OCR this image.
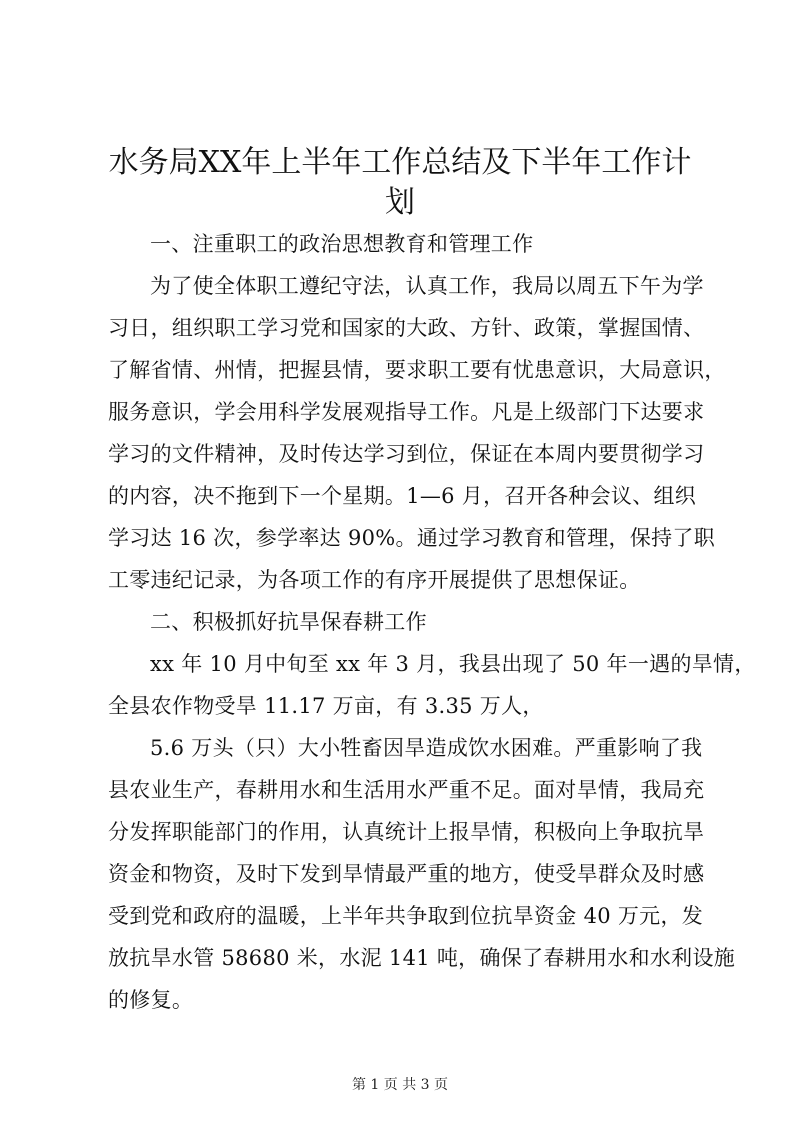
水务局XX年上半年工作总结及下半年工作计
划
一、注重职工的政治思想教育和管理工作
为了使全体职工遵纪守法，认真工作，我局以周五下午为学
习日，组织职工学习党和国家的大政、方针、政策，掌握国情、
了解省情、州情，把握县情，要求职工要有忧患意识，大局意识，
服务意识，学会用科学发展观指导工作。凡是上级部门下达要求
学习的文件精神，及时传达学习到位，保证在本周内要贯彻学习
的内容，决不拖到下一个星期。1—6 月，召开各种会议、组织
学习达 16 次，参学率达 90%。通过学习教育和管理，保持了职
工零违纪记录，为各项工作的有序开展提供了思想保证。
二、积极抓好抗旱保春耕工作
xx 年 10 月中旬至 xx 年 3 月，我县出现了 50 年一遇的旱情，
全县农作物受旱 11.17 万亩，有 3.35 万人，
5.6 万头（只）大小牲畜因旱造成饮水困难。严重影响了我
县农业生产，春耕用水和生活用水严重不足。面对旱情，我局充
分发挥职能部门的作用，认真统计上报旱情，积极向上争取抗旱
资金和物资，及时下发到旱情最严重的地方，使受旱群众及时感
受到党和政府的温暖，上半年共争取到位抗旱资金 40 万元，发
放抗旱水管 58680 米，水泥 141 吨，确保了春耕用水和水利设施
的修复。
第 1 页 共 3 页
